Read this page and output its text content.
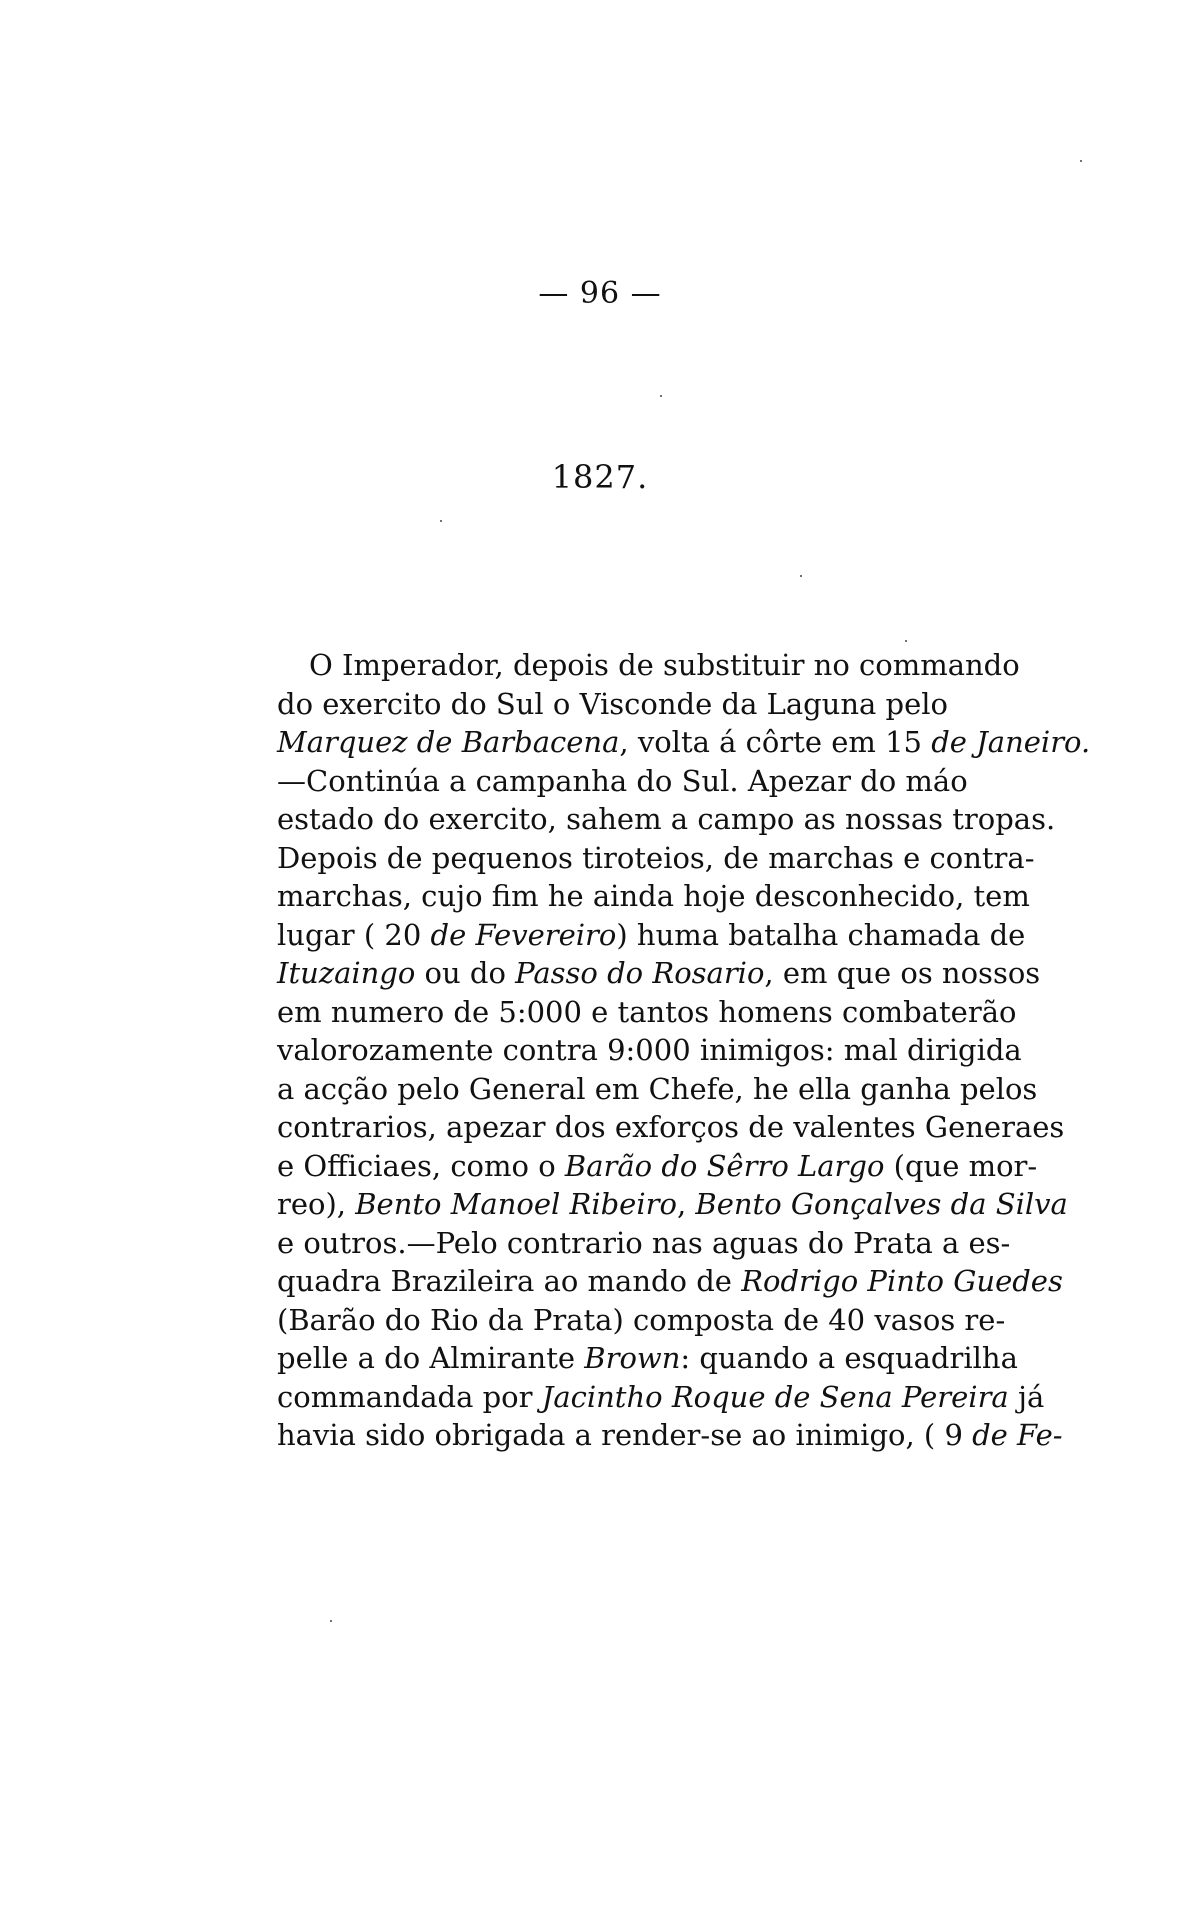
— 96 —
1827.
O Imperador, depois de substituir no commando
do exercito do Sul o Visconde da Laguna pelo
Marquez de Barbacena, volta á côrte em 15 de Janeiro.
—Continúa a campanha do Sul. Apezar do máo
estado do exercito, sahem a campo as nossas tropas.
Depois de pequenos tiroteios, de marchas e contra-
marchas, cujo fim he ainda hoje desconhecido, tem
lugar ( 20 de Fevereiro) huma batalha chamada de
Ituzaingo ou do Passo do Rosario, em que os nossos
em numero de 5:000 e tantos homens combaterão
valorozamente contra 9:000 inimigos: mal dirigida
a acção pelo General em Chefe, he ella ganha pelos
contrarios, apezar dos exforços de valentes Generaes
e Officiaes, como o Barão do Sêrro Largo (que mor-
reo), Bento Manoel Ribeiro, Bento Gonçalves da Silva
e outros.—Pelo contrario nas aguas do Prata a es-
quadra Brazileira ao mando de Rodrigo Pinto Guedes
(Barão do Rio da Prata) composta de 40 vasos re-
pelle a do Almirante Brown: quando a esquadrilha
commandada por Jacintho Roque de Sena Pereira já
havia sido obrigada a render-se ao inimigo, ( 9 de Fe-
